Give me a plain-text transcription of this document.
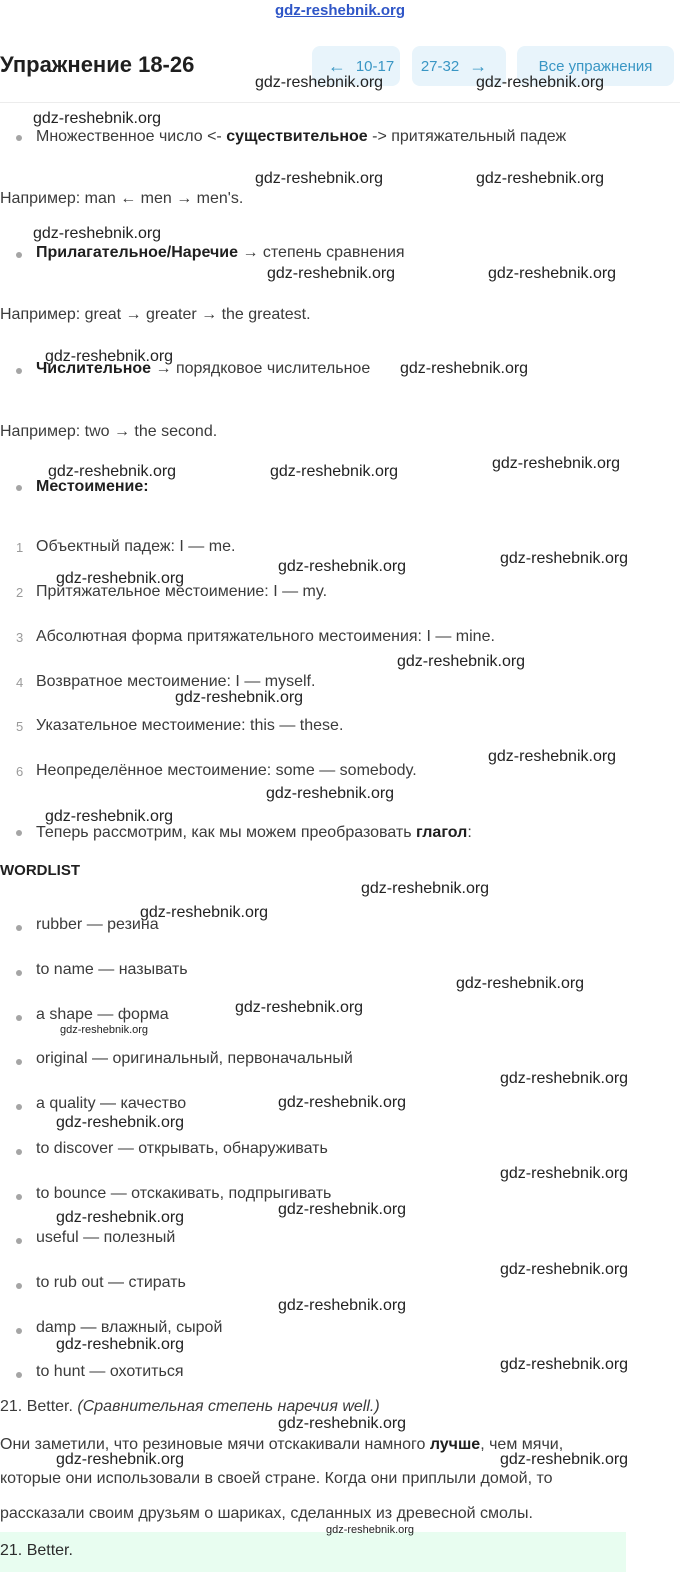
gdz-reshebnik.org
Упражнение 18-26	← 10-17 27-32 →	Все упражнения
Множественное число <- существительное -> притяжательный падеж
Например: man ← men → men's.
Прилагательное/Наречие → степень сравнения
Например: great → greater → the greatest.
Числительное → порядковое числительное
Например: two → the second.
Местоимение:
1 Объектный падеж: I — me.
2 Притяжательное местоимение: I — my.
3 Абсолютная форма притяжательного местоимения: I — mine.
4 Возвратное местоимение: I — myself.
5 Указательное местоимение: this — these.
6 Неопределённое местоимение: some — somebody.
Теперь рассмотрим, как мы можем преобразовать глагол:
WORDLIST
rubber — резина
to name — называть
a shape — форма
original — оригинальный, первоначальный
a quality — качество
to discover — открывать, обнаруживать
to bounce — отскакивать, подпрыгивать
useful — полезный
to rub out — стирать
damp — влажный, сырой
to hunt — охотиться
21. Better. (Сравнительная степень наречия well.)
Они заметили, что резиновые мячи отскакивали намного лучше, чем мячи,
которые они использовали в своей стране. Когда они приплыли домой, то
рассказали своим друзьям о шариках, сделанных из древесной смолы.
21. Better.
gdz-reshebnik.org	gdz-reshebnik.org
gdz-reshebnik.org
gdz-reshebnik.org	gdz-reshebnik.org
gdz-reshebnik.org
gdz-reshebnik.org	gdz-reshebnik.org
gdz-reshebnik.org
gdz-reshebnik.org
gdz-reshebnik.org	gdz-reshebnik.org	gdz-reshebnik.org
gdz-reshebnik.org
gdz-reshebnik.org
gdz-reshebnik.org
gdz-reshebnik.org
gdz-reshebnik.org
gdz-reshebnik.org
gdz-reshebnik.org
gdz-reshebnik.org
gdz-reshebnik.org
gdz-reshebnik.org
gdz-reshebnik.org
gdz-reshebnik.org
gdz-reshebnik.org
gdz-reshebnik.org
gdz-reshebnik.org
gdz-reshebnik.org
gdz-reshebnik.org
gdz-reshebnik.org
gdz-reshebnik.org
gdz-reshebnik.org
gdz-reshebnik.org
gdz-reshebnik.org
gdz-reshebnik.org
gdz-reshebnik.org
gdz-reshebnik.org	gdz-reshebnik.org
gdz-reshebnik.org
